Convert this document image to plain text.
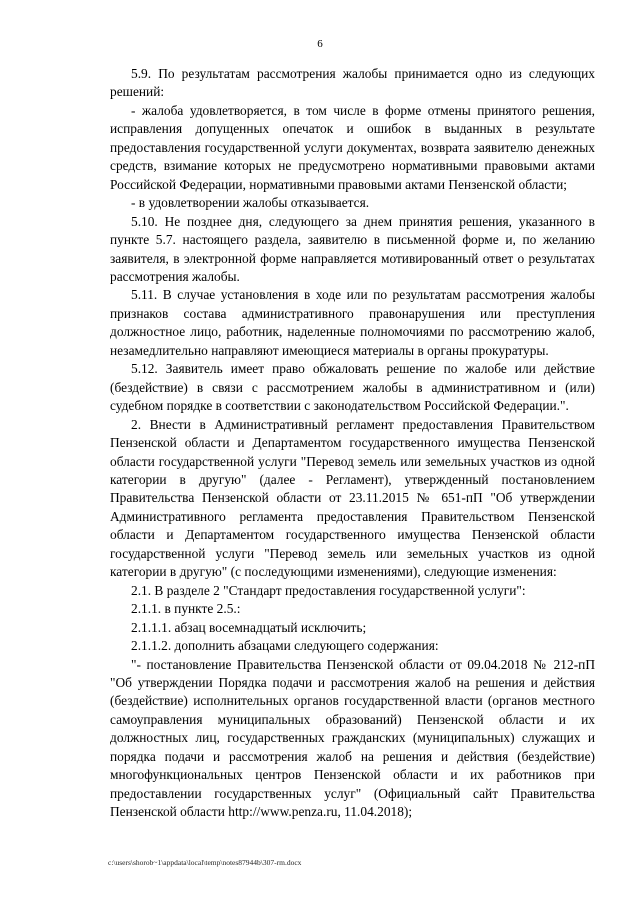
6

5.9. По результатам рассмотрения жалобы принимается одно из следующих решений:

- жалоба удовлетворяется, в том числе в форме отмены принятого решения, исправления допущенных опечаток и ошибок в выданных в результате предоставления государственной услуги документах, возврата заявителю денежных средств, взимание которых не предусмотрено нормативными правовыми актами Российской Федерации, нормативными правовыми актами Пензенской области;

- в удовлетворении жалобы отказывается.

5.10. Не позднее дня, следующего за днем принятия решения, указанного в пункте 5.7. настоящего раздела, заявителю в письменной форме и, по желанию заявителя, в электронной форме направляется мотивированный ответ о результатах рассмотрения жалобы.

5.11. В случае установления в ходе или по результатам рассмотрения жалобы признаков состава административного правонарушения или преступления должностное лицо, работник, наделенные полномочиями по рассмотрению жалоб, незамедлительно направляют имеющиеся материалы в органы прокуратуры.

5.12. Заявитель имеет право обжаловать решение по жалобе или действие (бездействие) в связи с рассмотрением жалобы в административном и (или) судебном порядке в соответствии с законодательством Российской Федерации.".

2. Внести в Административный регламент предоставления Правительством Пензенской области и Департаментом государственного имущества Пензенской области государственной услуги "Перевод земель или земельных участков из одной категории в другую" (далее - Регламент), утвержденный постановлением Правительства Пензенской области от 23.11.2015 № 651-пП "Об утверждении Административного регламента предоставления Правительством Пензенской области и Департаментом государственного имущества Пензенской области государственной услуги "Перевод земель или земельных участков из одной категории в другую" (с последующими изменениями), следующие изменения:

2.1. В разделе 2 "Стандарт предоставления государственной услуги":

2.1.1. в пункте 2.5.:

2.1.1.1. абзац восемнадцатый исключить;

2.1.1.2. дополнить абзацами следующего содержания:

"- постановление Правительства Пензенской области от 09.04.2018 № 212-пП "Об утверждении Порядка подачи и рассмотрения жалоб на решения и действия (бездействие) исполнительных органов государственной власти (органов местного самоуправления муниципальных образований) Пензенской области и их должностных лиц, государственных гражданских (муниципальных) служащих и порядка подачи и рассмотрения жалоб на решения и действия (бездействие) многофункциональных центров Пензенской области и их работников при предоставлении государственных услуг" (Официальный сайт Правительства Пензенской области http://www.penza.ru, 11.04.2018);

c:\users\shorob~1\appdata\local\temp\notes87944b\307-rm.docx
